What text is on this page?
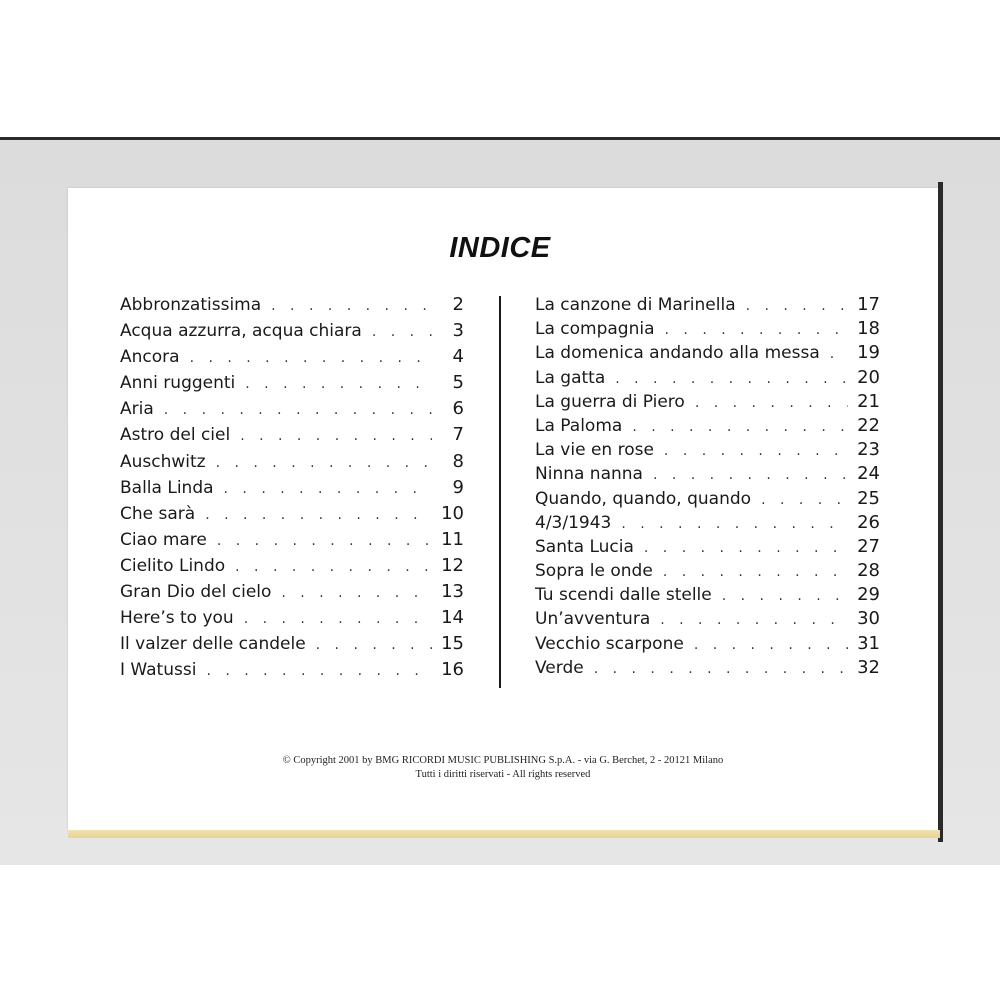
INDICE
Abbronzatissima . . .	2
Acqua azzurra, acqua chiara . . .	3
Ancora . . .	4
Anni ruggenti . . .	5
Aria . . .	6
Astro del ciel . . .	7
Auschwitz . . .	8
Balla Linda . . .	9
Che sarà . . .	10
Ciao mare . . .	11
Cielito Lindo . . .	12
Gran Dio del cielo . . .	13
Here’s to you . . .	14
Il valzer delle candele . . .	15
I Watussi . . .	16
La canzone di Marinella . . .	17
La compagnia . . .	18
La domenica andando alla messa . . . 19
La gatta . . .	20
La guerra di Piero . . .	21
La Paloma . . .	22
La vie en rose . . .	23
Ninna nanna . . .	24
Quando, quando, quando . . .	25
4/3/1943 . . .	26
Santa Lucia . . .	27
Sopra le onde . . .	28
Tu scendi dalle stelle . . .	29
Un’avventura . . .	30
Vecchio scarpone . . .	31
Verde . . .	32
© Copyright 2001 by BMG RICORDI MUSIC PUBLISHING S.p.A. - via G. Berchet, 2 - 20121 Milano
Tutti i diritti riservati - All rights reserved
